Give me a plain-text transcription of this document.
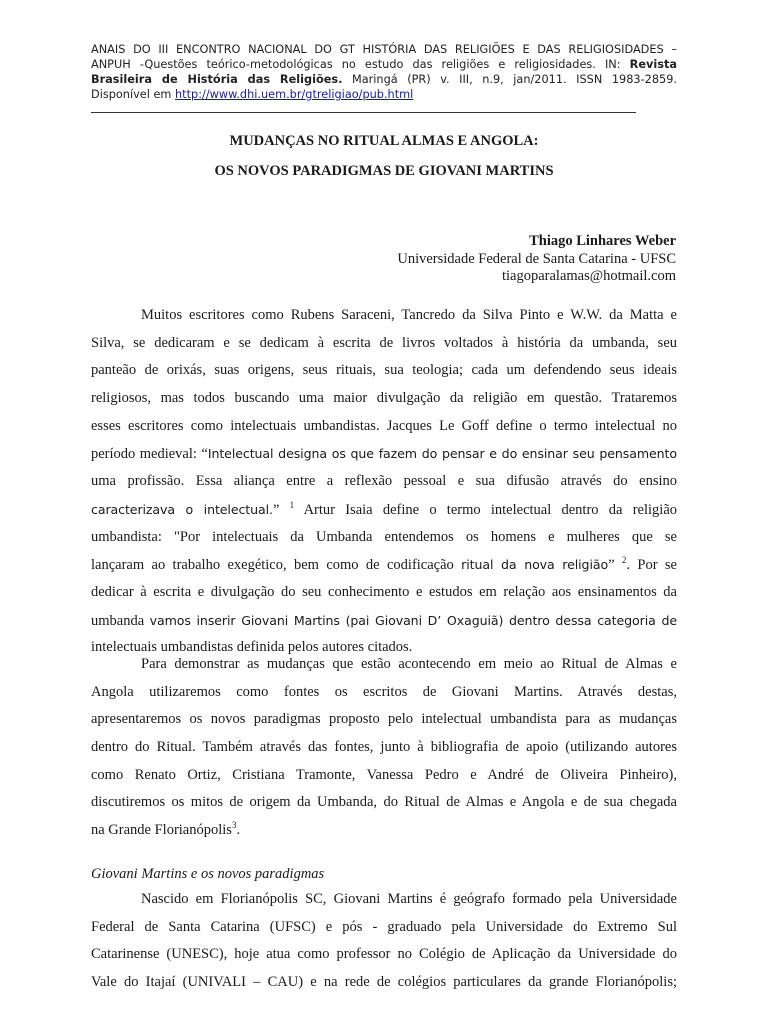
ANAIS DO III ENCONTRO NACIONAL DO GT HISTÓRIA DAS RELIGIÕES E DAS RELIGIOSIDADES –
ANPUH -Questões teórico-metodológicas no estudo das religiões e religiosidades. IN: Revista
Brasileira de História das Religiões. Maringá (PR) v. III, n.9, jan/2011. ISSN 1983-2859.
Disponível em http://www.dhi.uem.br/gtreligiao/pub.html
MUDANÇAS NO RITUAL ALMAS E ANGOLA:
OS NOVOS PARADIGMAS DE GIOVANI MARTINS
Thiago Linhares Weber
Universidade Federal de Santa Catarina - UFSC
tiagoparalamas@hotmail.com
Muitos escritores como Rubens Saraceni, Tancredo da Silva Pinto e W.W. da Matta e
Silva, se dedicaram e se dedicam à escrita de livros voltados à história da umbanda, seu
panteão de orixás, suas origens, seus rituais, sua teologia; cada um defendendo seus ideais
religiosos, mas todos buscando uma maior divulgação da religião em questão. Trataremos
esses escritores como intelectuais umbandistas. Jacques Le Goff define o termo intelectual no
período medieval: “Intelectual designa os que fazem do pensar e do ensinar seu pensamento
uma profissão. Essa aliança entre a reflexão pessoal e sua difusão através do ensino
caracterizava o intelectual.” $^1$ Artur Isaia define o termo intelectual dentro da religião
umbandista: "Por intelectuais da Umbanda entendemos os homens e mulheres que se
lançaram ao trabalho exegético, bem como de codificação ritual da nova religião” $^2$. Por se
dedicar à escrita e divulgação do seu conhecimento e estudos em relação aos ensinamentos da
umbanda vamos inserir Giovani Martins (pai Giovani D’ Oxaguiã) dentro dessa categoria de
intelectuais umbandistas definida pelos autores citados.
Para demonstrar as mudanças que estão acontecendo em meio ao Ritual de Almas e
Angola utilizaremos como fontes os escritos de Giovani Martins. Através destas,
apresentaremos os novos paradigmas proposto pelo intelectual umbandista para as mudanças
dentro do Ritual. Também através das fontes, junto à bibliografia de apoio (utilizando autores
como Renato Ortiz, Cristiana Tramonte, Vanessa Pedro e André de Oliveira Pinheiro),
discutiremos os mitos de origem da Umbanda, do Ritual de Almas e Angola e de sua chegada
na Grande Florianópolis$^3$.
Giovani Martins e os novos paradigmas
Nascido em Florianópolis SC, Giovani Martins é geógrafo formado pela Universidade
Federal de Santa Catarina (UFSC) e pós - graduado pela Universidade do Extremo Sul
Catarinense (UNESC), hoje atua como professor no Colégio de Aplicação da Universidade do
Vale do Itajaí (UNIVALI – CAU) e na rede de colégios particulares da grande Florianópolis;
